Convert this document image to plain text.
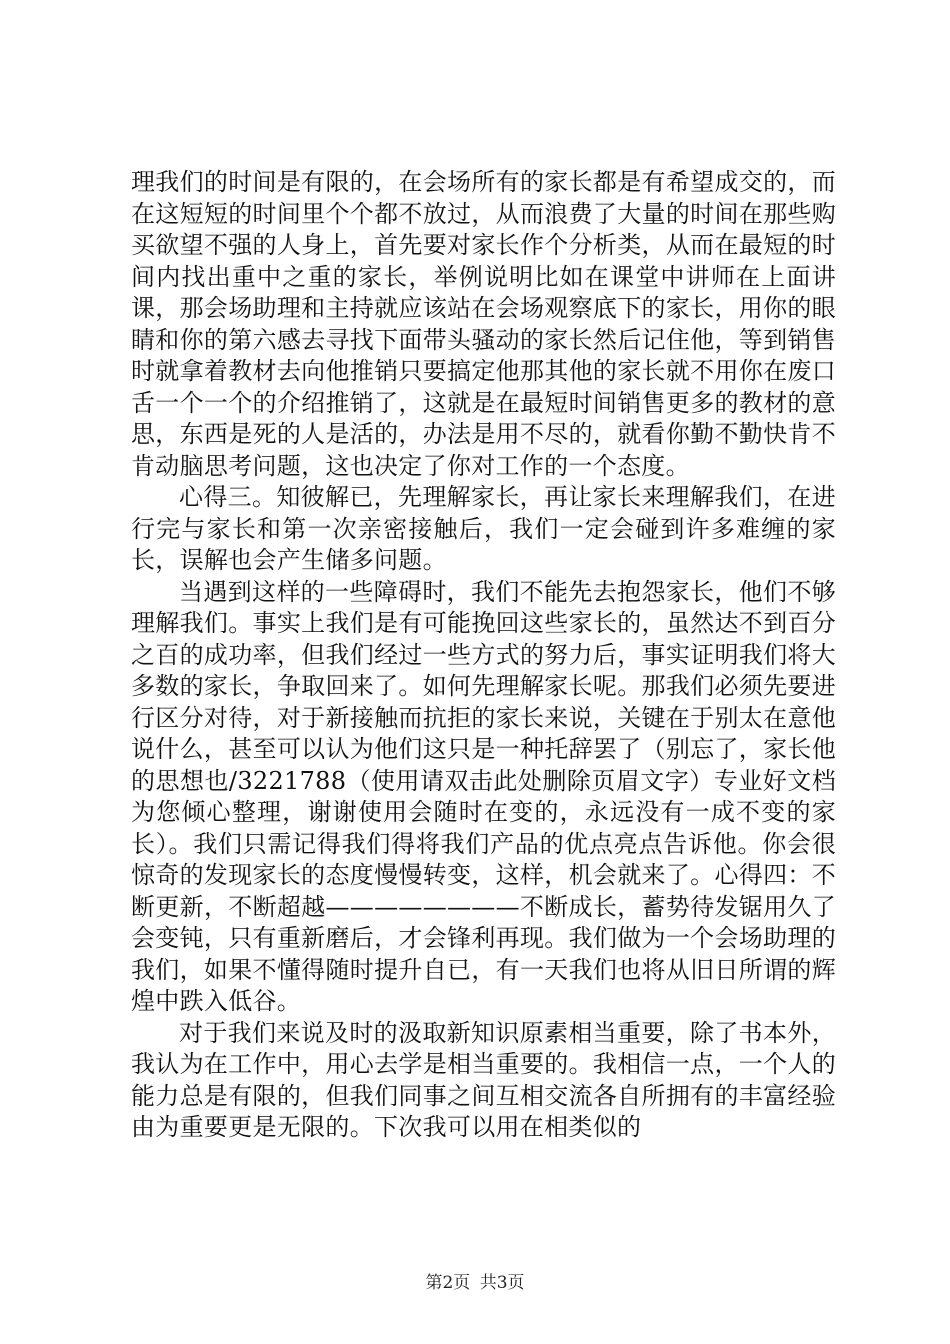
理我们的时间是有限的，在会场所有的家长都是有希望成交的，而在这短短的时间里个个都不放过，从而浪费了大量的时间在那些购买欲望不强的人身上，首先要对家长作个分析类，从而在最短的时间内找出重中之重的家长，举例说明比如在课堂中讲师在上面讲课，那会场助理和主持就应该站在会场观察底下的家长，用你的眼睛和你的第六感去寻找下面带头骚动的家长然后记住他，等到销售时就拿着教材去向他推销只要搞定他那其他的家长就不用你在废口舌一个一个的介绍推销了，这就是在最短时间销售更多的教材的意思，东西是死的人是活的，办法是用不尽的，就看你勤不勤快肯不肯动脑思考问题，这也决定了你对工作的一个态度。

心得三。知彼解已，先理解家长，再让家长来理解我们，在进行完与家长和第一次亲密接触后，我们一定会碰到许多难缠的家长，误解也会产生储多问题。

当遇到这样的一些障碍时，我们不能先去抱怨家长，他们不够理解我们。事实上我们是有可能挽回这些家长的，虽然达不到百分之百的成功率，但我们经过一些方式的努力后，事实证明我们将大多数的家长，争取回来了。如何先理解家长呢。那我们必须先要进行区分对待，对于新接触而抗拒的家长来说，关键在于别太在意他说什么，甚至可以认为他们这只是一种托辞罢了（别忘了，家长他的思想也/3221788（使用请双击此处删除页眉文字）专业好文档为您倾心整理，谢谢使用会随时在变的，永远没有一成不变的家长）。我们只需记得我们得将我们产品的优点亮点告诉他。你会很惊奇的发现家长的态度慢慢转变，这样，机会就来了。心得四：不断更新，不断超越————————不断成长，蓄势待发锯用久了会变钝，只有重新磨后，才会锋利再现。我们做为一个会场助理的我们，如果不懂得随时提升自已，有一天我们也将从旧日所谓的辉煌中跌入低谷。

对于我们来说及时的汲取新知识原素相当重要，除了书本外，我认为在工作中，用心去学是相当重要的。我相信一点，一个人的能力总是有限的，但我们同事之间互相交流各自所拥有的丰富经验由为重要更是无限的。下次我可以用在相类似的

第2页 共3页
